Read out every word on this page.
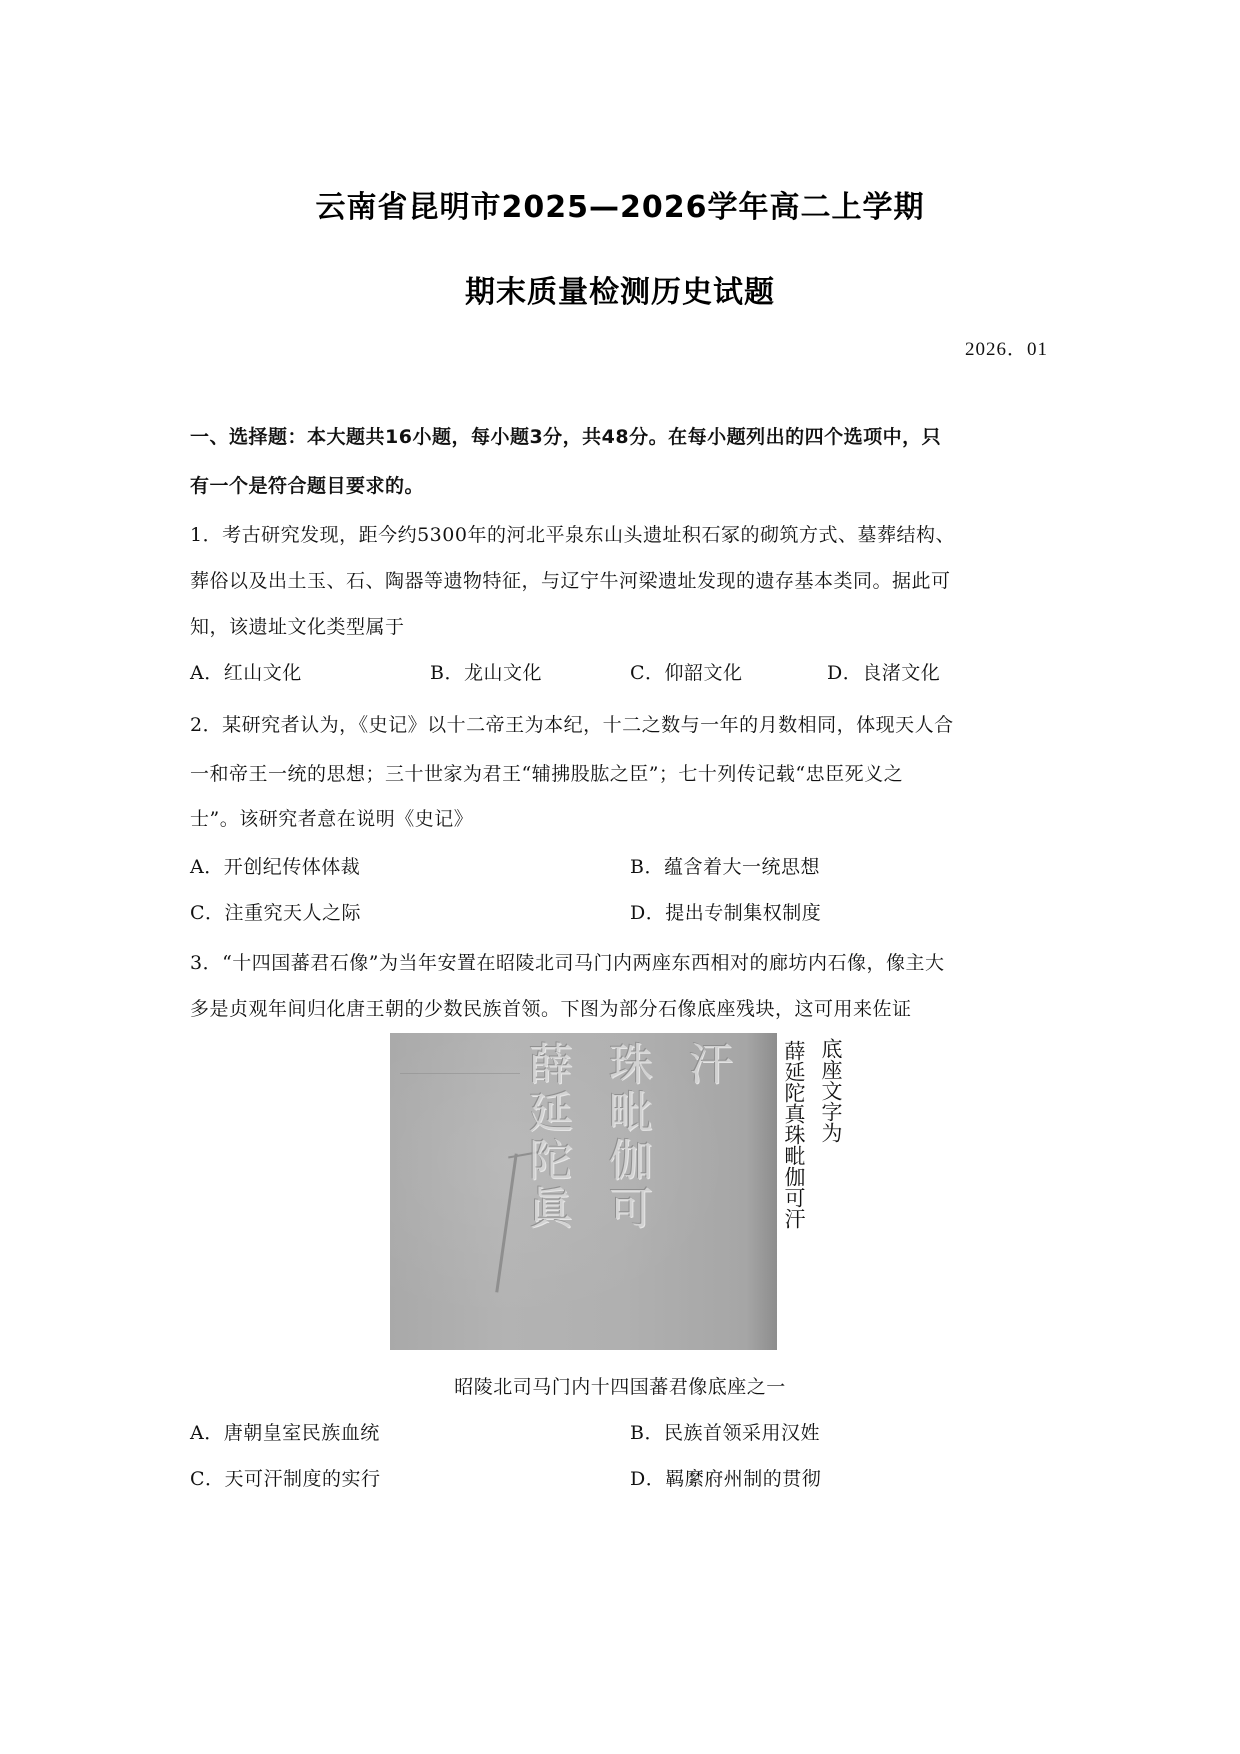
云南省昆明市2025—2026学年高二上学期
期末质量检测历史试题
2026．01
一、选择题：本大题共16小题，每小题3分，共48分。在每小题列出的四个选项中，只
有一个是符合题目要求的。
1．考古研究发现，距今约5300年的河北平泉东山头遗址积石冢的砌筑方式、墓葬结构、
葬俗以及出土玉、石、陶器等遗物特征，与辽宁牛河梁遗址发现的遗存基本类同。据此可
知，该遗址文化类型属于
A．红山文化	B．龙山文化	C．仰韶文化	D．良渚文化
2．某研究者认为，《史记》以十二帝王为本纪，十二之数与一年的月数相同，体现天人合
一和帝王一统的思想；三十世家为君王“辅拂股肱之臣”；七十列传记载“忠臣死义之
士”。该研究者意在说明《史记》
A．开创纪传体体裁	B．蕴含着大一统思想
C．注重究天人之际	D．提出专制集权制度
3．“十四国蕃君石像”为当年安置在昭陵北司马门内两座东西相对的廊坊内石像，像主大
多是贞观年间归化唐王朝的少数民族首领。下图为部分石像底座残块，这可用来佐证
汗
珠毗伽可
薛延陀眞	底座文字为
薛延陀真珠毗伽可汗
昭陵北司马门内十四国蕃君像底座之一
A．唐朝皇室民族血统	B．民族首领采用汉姓
C．天可汗制度的实行	D．羁縻府州制的贯彻
